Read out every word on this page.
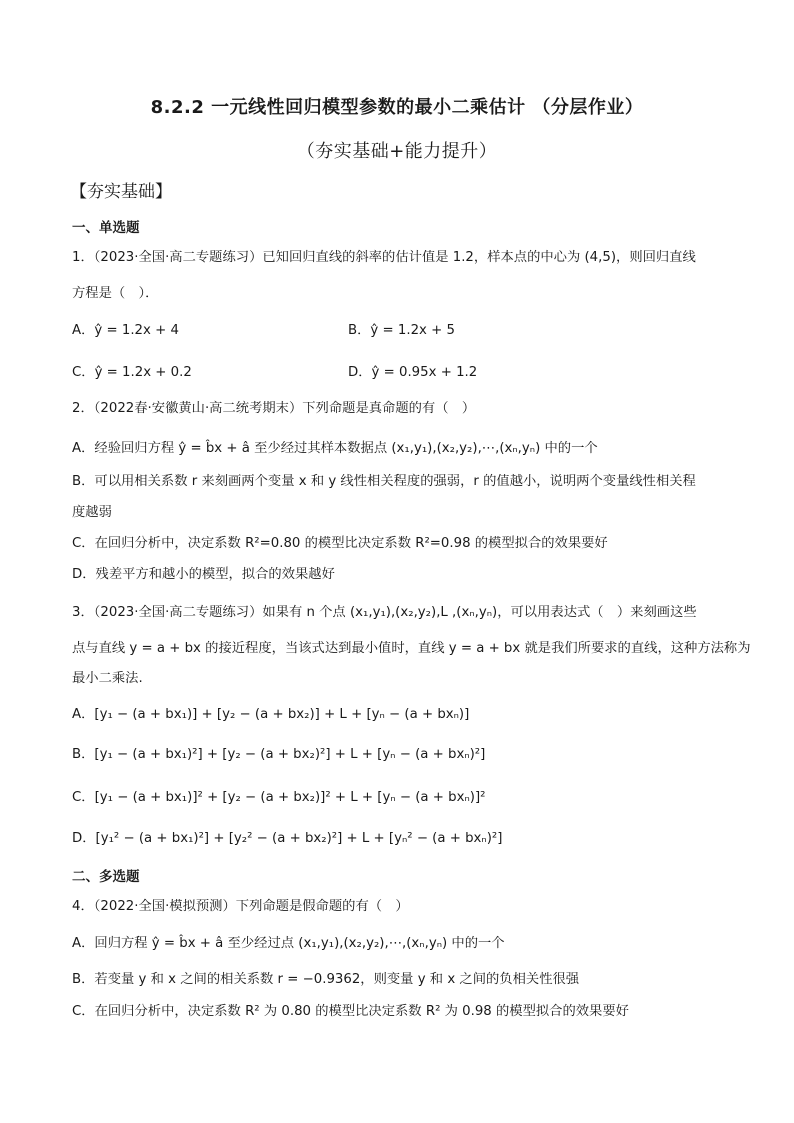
8.2.2 一元线性回归模型参数的最小二乘估计 （分层作业）
（夯实基础+能力提升）
【夯实基础】
一、单选题
1．（2023·全国·高二专题练习）已知回归直线的斜率的估计值是 1.2，样本点的中心为 (4,5)，则回归直线
方程是（　）．
A．ŷ = 1.2x + 4	B．ŷ = 1.2x + 5
C．ŷ = 1.2x + 0.2	D．ŷ = 0.95x + 1.2
2．（2022春·安徽黄山·高二统考期末）下列命题是真命题的有（　）
A．经验回归方程 ŷ = b̂x + â 至少经过其样本数据点 (x₁,y₁),(x₂,y₂),⋯,(xₙ,yₙ) 中的一个
B．可以用相关系数 r 来刻画两个变量 x 和 y 线性相关程度的强弱，r 的值越小，说明两个变量线性相关程
度越弱
C．在回归分析中，决定系数 R²=0.80 的模型比决定系数 R²=0.98 的模型拟合的效果要好
D．残差平方和越小的模型，拟合的效果越好
3．（2023·全国·高二专题练习）如果有 n 个点 (x₁,y₁),(x₂,y₂),L ,(xₙ,yₙ)，可以用表达式（　）来刻画这些
点与直线 y = a + bx 的接近程度，当该式达到最小值时，直线 y = a + bx 就是我们所要求的直线，这种方法称为
最小二乘法.
A．[y₁ − (a + bx₁)] + [y₂ − (a + bx₂)] + L + [yₙ − (a + bxₙ)]
B．[y₁ − (a + bx₁)²] + [y₂ − (a + bx₂)²] + L + [yₙ − (a + bxₙ)²]
C．[y₁ − (a + bx₁)]² + [y₂ − (a + bx₂)]² + L + [yₙ − (a + bxₙ)]²
D．[y₁² − (a + bx₁)²] + [y₂² − (a + bx₂)²] + L + [yₙ² − (a + bxₙ)²]
二、多选题
4．（2022·全国·模拟预测）下列命题是假命题的有（　）
A．回归方程 ŷ = b̂x + â 至少经过点 (x₁,y₁),(x₂,y₂),⋯,(xₙ,yₙ) 中的一个
B．若变量 y 和 x 之间的相关系数 r = −0.9362，则变量 y 和 x 之间的负相关性很强
C．在回归分析中，决定系数 R² 为 0.80 的模型比决定系数 R² 为 0.98 的模型拟合的效果要好
